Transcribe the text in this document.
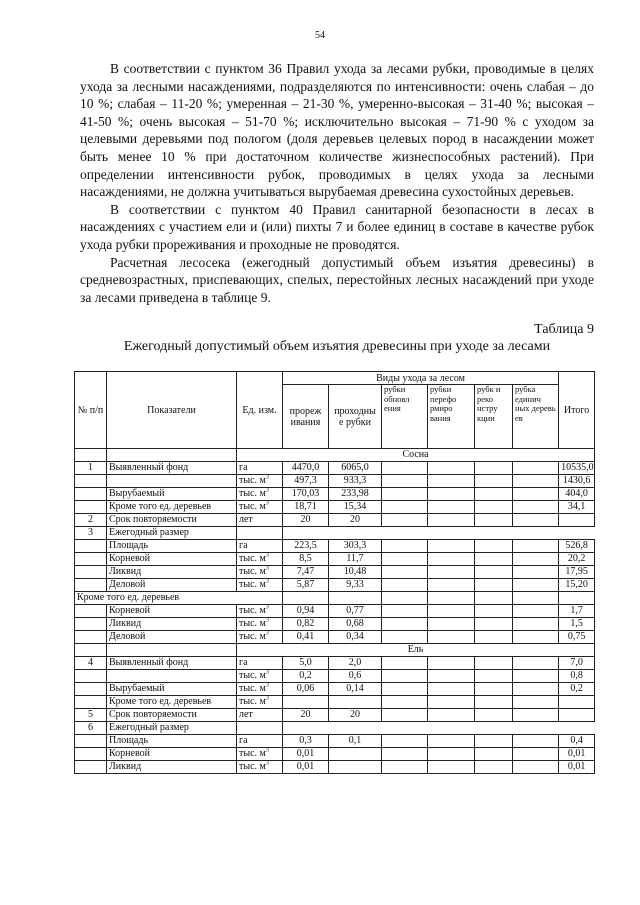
54

В соответствии с пунктом 36 Правил ухода за лесами рубки, проводимые в целях ухода за лесными насаждениями, подразделяются по интенсивности: очень слабая – до 10 %; слабая – 11-20 %; умеренная – 21-30 %, умеренно-высокая – 31-40 %; высокая – 41-50 %; очень высокая – 51-70 %; исключительно высокая – 71-90 % с уходом за целевыми деревьями под пологом (доля деревьев целевых пород в насаждении может быть менее 10 % при достаточном количестве жизнеспособных растений). При определении интенсивности рубок, проводимых в целях ухода за лесными насаждениями, не должна учитываться вырубаемая древесина сухостойных деревьев.

В соответствии с пунктом 40 Правил санитарной безопасности в лесах в насаждениях с участием ели и (или) пихты 7 и более единиц в составе в качестве рубок ухода рубки прореживания и проходные не проводятся.

Расчетная лесосека (ежегодный допустимый объем изъятия древесины) в средневозрастных, приспевающих, спелых, перестойных лесных насаждений при уходе за лесами приведена в таблице 9.

Таблица 9
Ежегодный допустимый объем изъятия древесины при уходе за лесами
№ п/п	Показатели	Ед. изм.	Виды ухода за лесом						Итого
			прореж ивания	проходны е рубки	рубки обновл ения	рубки перефо рмиро вания	рубк и реко нстру кции	рубка единич ных деревь ев	
		Сосна							
1	Выявленный фонд	га	4470,0	6065,0					10535,0
		тыс. $м^3$	497,3	933,3					1430,6
	Вырубаемый	тыс. $м^3$	170,03	233,98					404,0
	Кроме того ед. деревьев	тыс. $м^3$	18,71	15,34					34,1
2	Срок повторяемости	лет	20	20					
3	Ежегодный размер								
	Площадь	га	223,5	303,3					526,8
	Корневой	тыс. $м^3$	8,5	11,7					20,2
	Ликвид	тыс. $м^3$	7,47	10,48					17,95
	Деловой	тыс. $м^3$	5,87	9,33					15,20
Кроме того ед. деревьев									
	Корневой	тыс. $м^3$	0,94	0,77					1,7
	Ликвид	тыс. $м^3$	0,82	0,68					1,5
	Деловой	тыс. $м^3$	0,41	0,34					0,75
		Ель							
4	Выявленный фонд	га	5,0	2,0					7,0
		тыс. $м^3$	0,2	0,6					0,8
	Вырубаемый	тыс. $м^3$	0,06	0,14					0,2
	Кроме того ед. деревьев	тыс. $м^3$							
5	Срок повторяемости	лет	20	20					
6	Ежегодный размер								
	Площадь	га	0,3	0,1					0,4
	Корневой	тыс. $м^3$	0,01						0,01
	Ликвид	тыс. $м^3$	0,01						0,01
